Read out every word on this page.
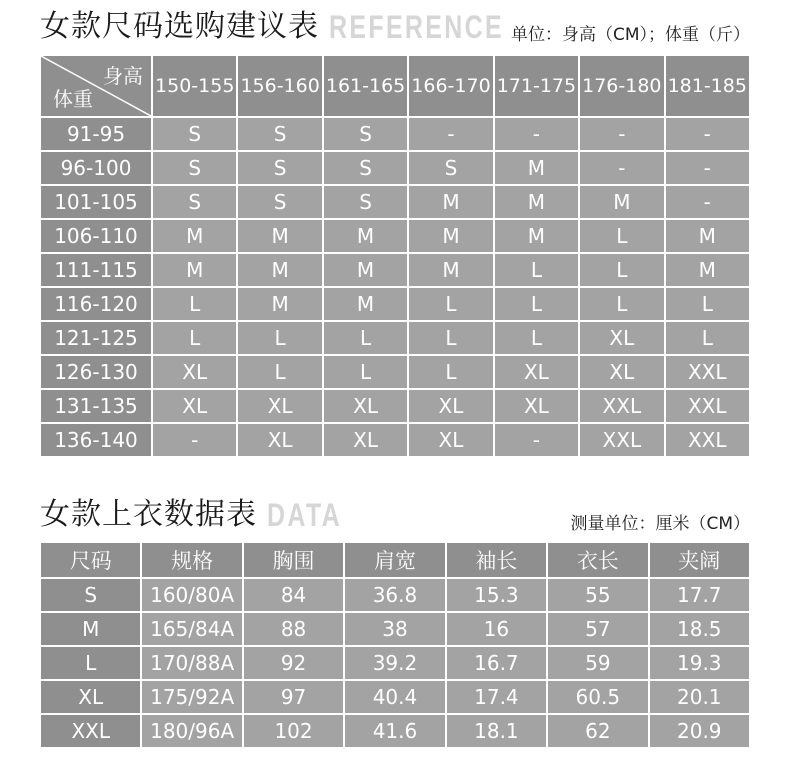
女款尺码选购建议表 REFERENCE 单位：身高（CM）；体重（斤）
身高
体重	150-155	156-160	161-165	166-170	171-175	176-180	181-185
91-95	S	S	S	-	-	-	-
96-100	S	S	S	S	M	-	-
101-105	S	S	S	M	M	M	-
106-110	M	M	M	M	M	L	M
111-115	M	M	M	M	L	L	M
116-120	L	M	M	L	L	L	L
121-125	L	L	L	L	L	XL	L
126-130	XL	L	L	L	XL	XL	XXL
131-135	XL	XL	XL	XL	XL	XXL	XXL
136-140	-	XL	XL	XL	-	XXL	XXL
女款上衣数据表 DATA	测量单位：厘米（CM）
尺码	规格	胸围	肩宽	袖长	衣长	夹阔
S	160/80A	84	36.8	15.3	55	17.7
M	165/84A	88	38	16	57	18.5
L	170/88A	92	39.2	16.7	59	19.3
XL	175/92A	97	40.4	17.4	60.5	20.1
XXL	180/96A	102	41.6	18.1	62	20.9
